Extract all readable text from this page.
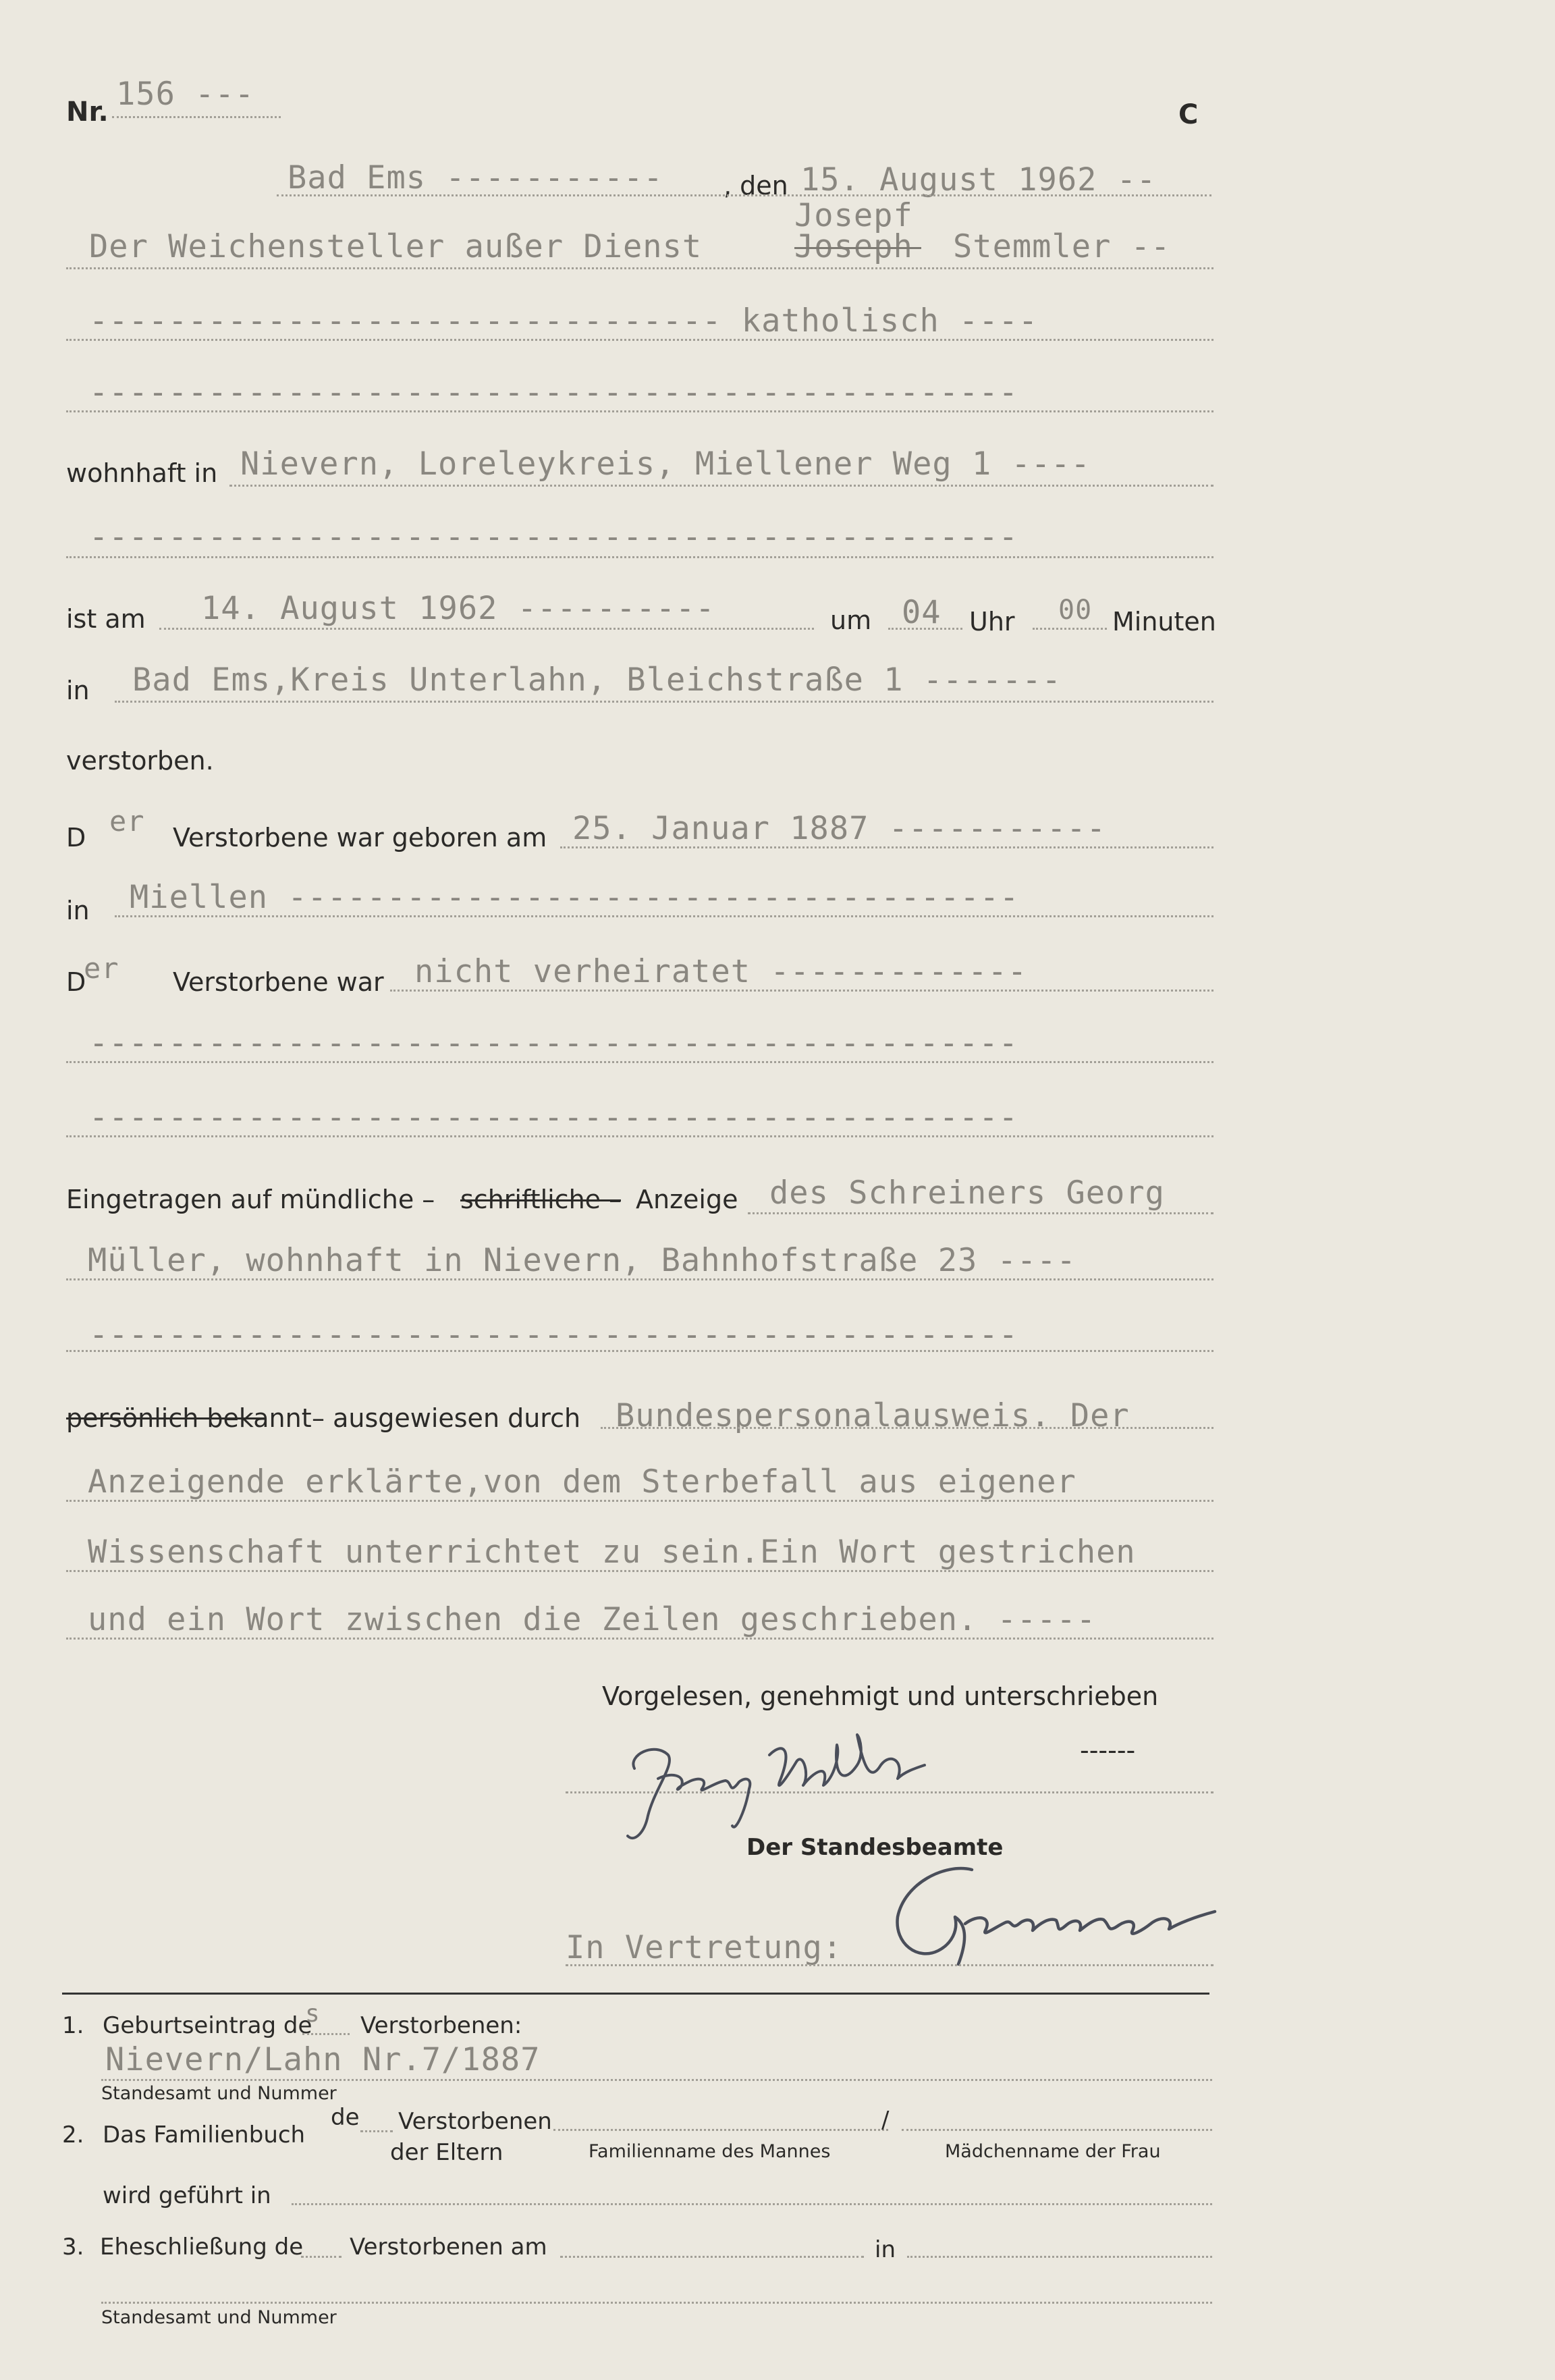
Nr. 156 ---
C
Bad Ems ----------- , den 15. August 1962 --
Josepf
Der Weichensteller außer Dienst	Joseph Stemmler --
-------------------------------- katholisch ----
-----------------------------------------------
wohnhaft in Nievern, Loreleykreis, Miellener Weg 1 ----
-----------------------------------------------
ist am 14. August 1962 ----------	um 04 Uhr 00 Minuten
in Bad Ems,Kreis Unterlahn, Bleichstraße 1 -------
verstorben.
D er Verstorbene war geboren am 25. Januar 1887 -----------
in Miellen -------------------------------------
D
er Verstorbene war nicht verheiratet -------------
-----------------------------------------------
-----------------------------------------------
Eingetragen auf mündliche – schriftliche – Anzeige des Schreiners Georg
Müller, wohnhaft in Nievern, Bahnhofstraße 23 ----
-----------------------------------------------
persönlich bekannt – ausgewiesen durch Bundespersonalausweis. Der
Anzeigende erklärte,von dem Sterbefall aus eigener
Wissenschaft unterrichtet zu sein.Ein Wort gestrichen
und ein Wort zwischen die Zeilen geschrieben. -----
Vorgelesen, genehmigt und unterschrieben
------
Der Standesbeamte
In Vertretung:
1. Geburtseintrag de
s Verstorbenen:
Nievern/Lahn Nr.7/1887
Standesamt und Nummer
2. Das Familienbuch
de Verstorbenen
der Eltern	Familienname des Mannes
/
Mädchenname der Frau
wird geführt in
3. Eheschließung de Verstorbenen am	in
Standesamt und Nummer
